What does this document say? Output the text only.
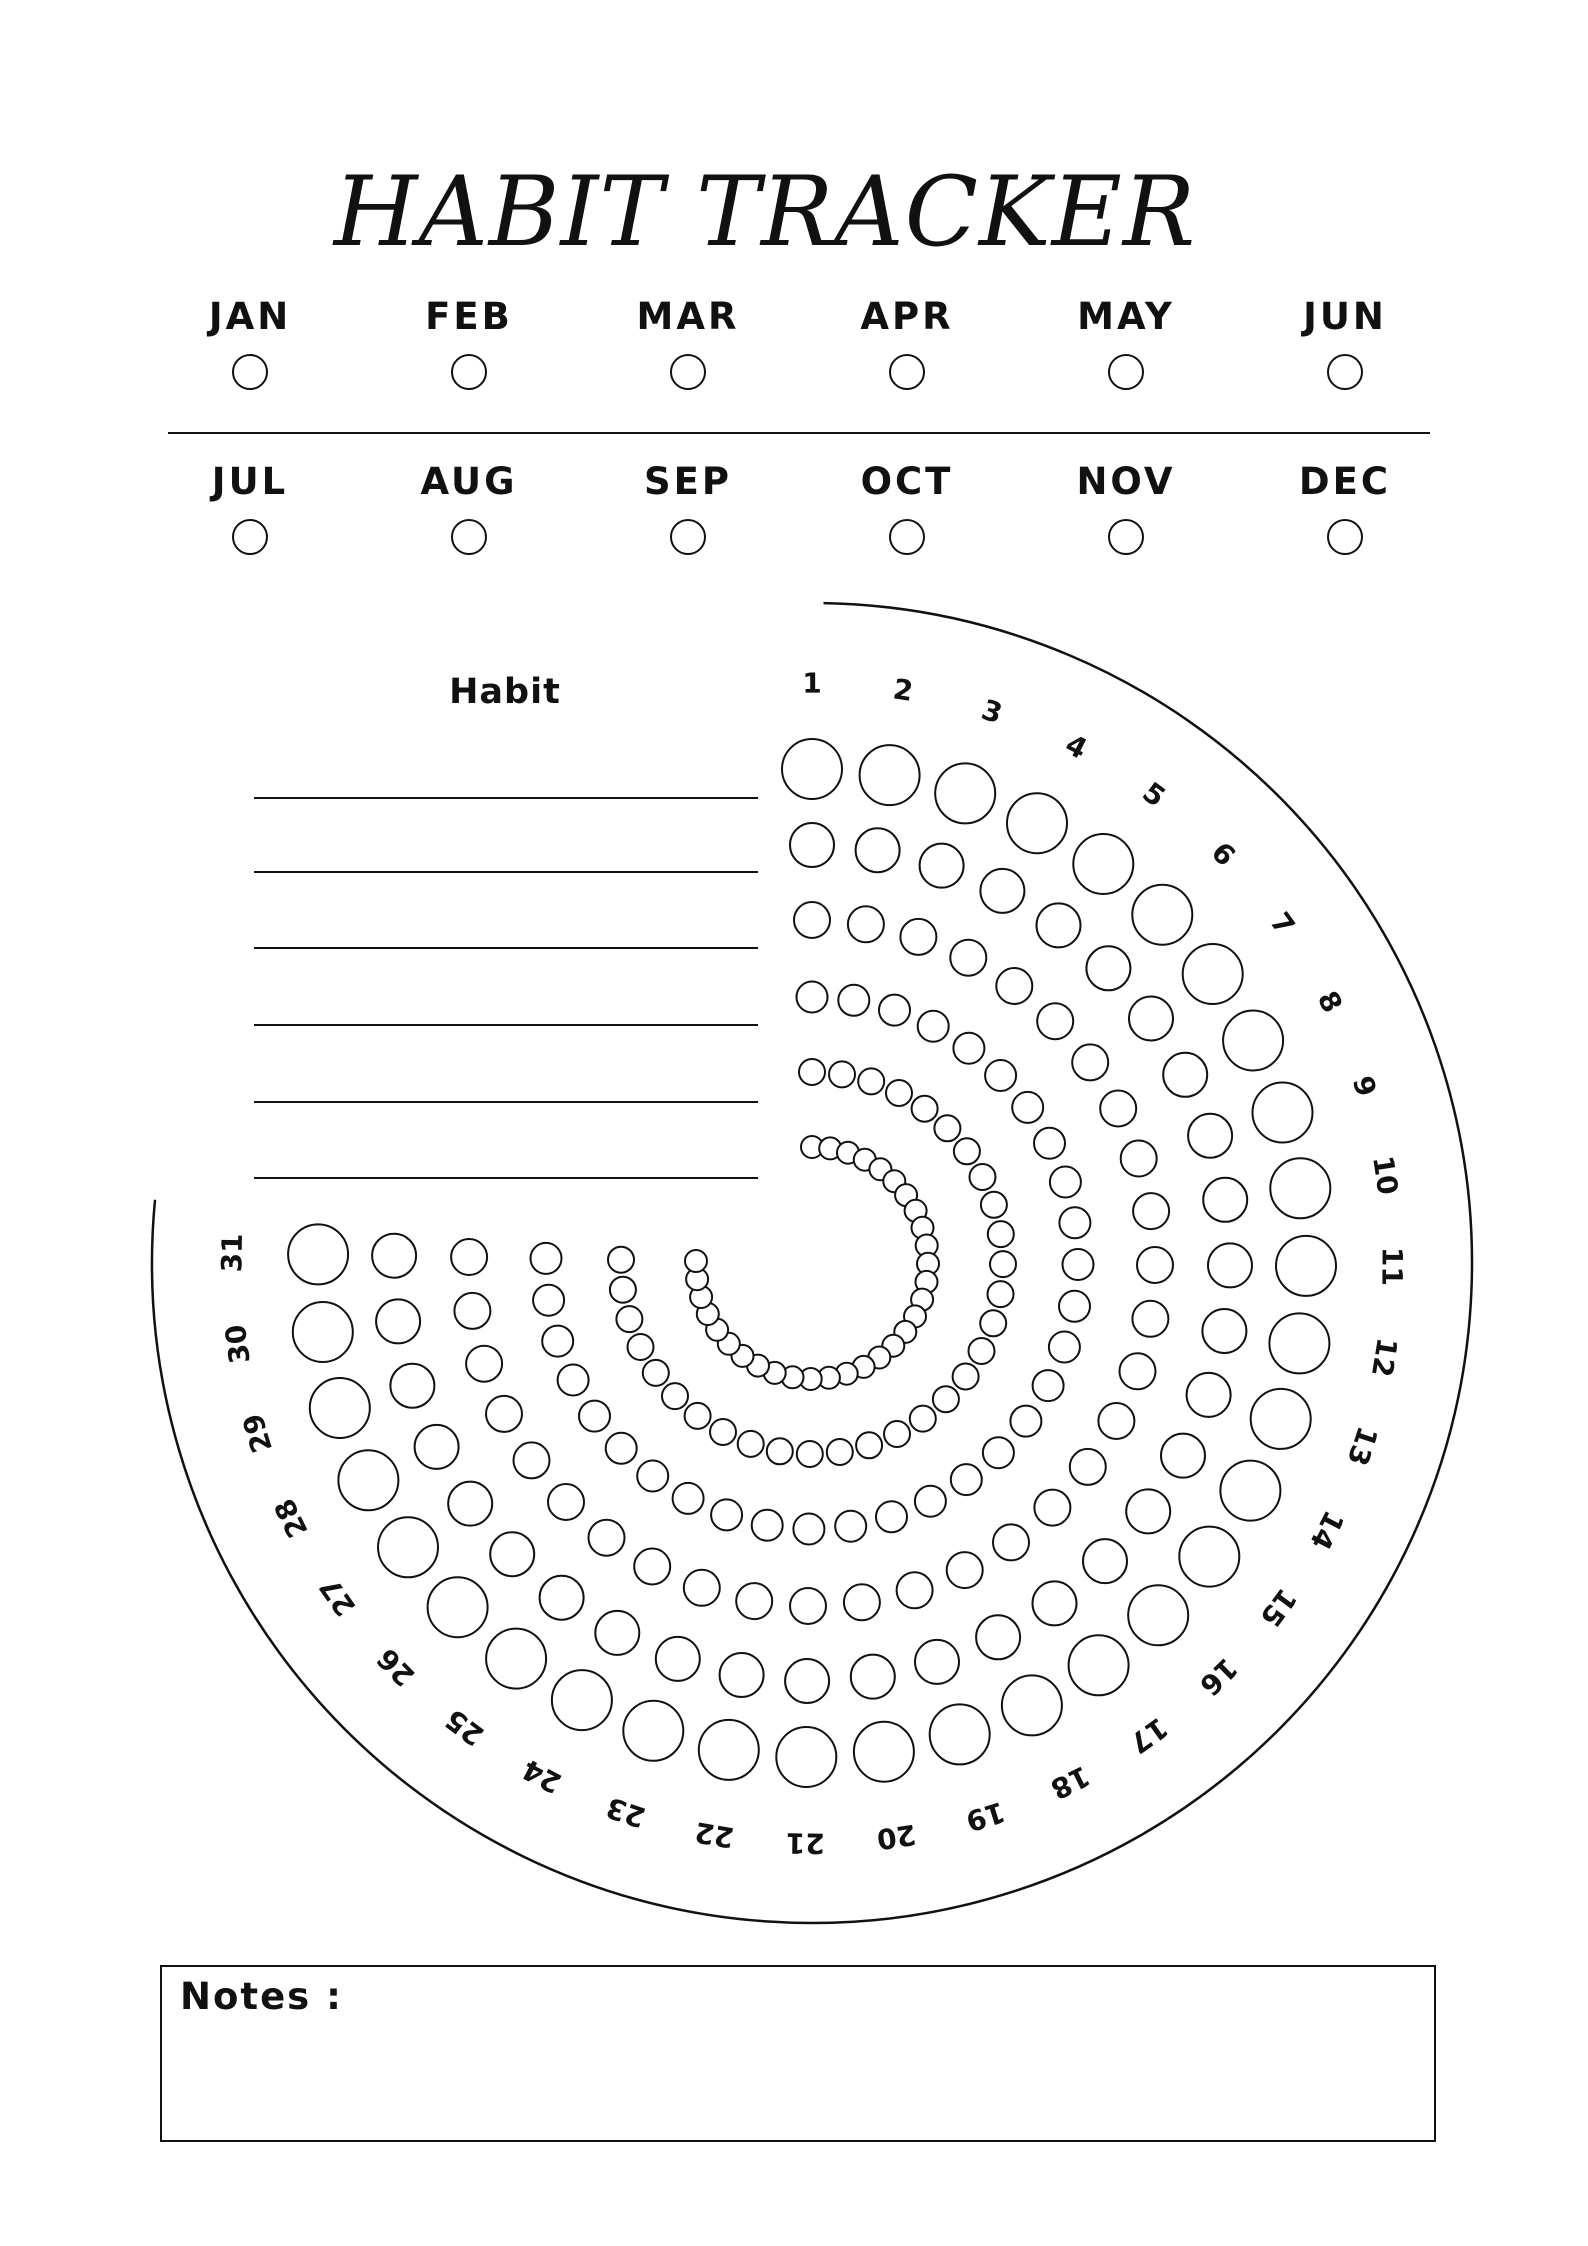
HABIT TRACKER
JAN	FEB	MAR	APR	MAY	JUN
JUL	AUG	SEP	OCT	NOV	DEC
Habit	1 2
3
4
5
6
7
8
9
10
11
12
13
14
15
16
17
18
19
20
21
22
23
24
25
26
27
28
29
30
31
Notes :
